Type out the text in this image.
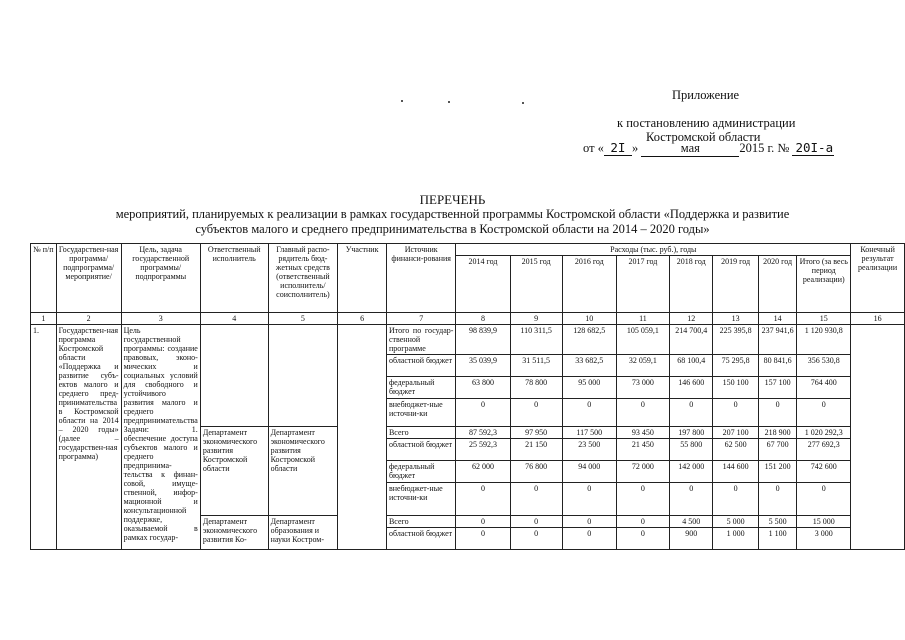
Приложение
к постановлению администрации
Костромской области
от « 2I »	мая	2015 г. № 20I-а
ПЕРЕЧЕНЬ
мероприятий, планируемых к реализации в рамках государственной программы Костромской области «Поддержка и развитие
субъектов малого и среднего предпринимательства в Костромской области на 2014 – 2020 годы»
№ п/п	Государствен-ная программа/ подпрограмма/ мероприятие/	Цель, задача государственной программы/ подпрограммы	Ответственный исполнитель	Главный распо-рядитель бюд-жетных средств (ответственный исполнитель/ соисполнитель)	Участник	Источник финанси-рования	Расходы (тыс. руб.), годы								Конечный результат реализации
							2014 год	2015 год	2016 год	2017 год	2018 год	2019 год	2020 год	Итого (за весь период реализации)	
1	2	3	4	5	6	7	8	9	10	11	12	13	14	15	16
1.	Государствен-ная программа Костромской области «Поддержка и развитие субъ-ектов малого и среднего пред-принимательства в Костромской области на 2014 – 2020 годы» (далее – государствен-ная программа)	Цель государственной программы: создание правовых, эконо-мических и социальных условий для свободного и устойчивого развития малого и среднего предпринимательства Задачи: 1. обеспечение доступа субъектов малого и среднего предпринима-тельства к финан-совой, имуще-ственной, инфор-мационной и консультационной поддержке, оказываемой в рамках государ-				Итого по государ-ственной программе	98 839,9	110 311,5	128 682,5	105 059,1	214 700,4	225 395,8	237 941,6	1 120 930,8	
						областной бюджет	35 039,9	31 511,5	33 682,5	32 059,1	68 100,4	75 295,8	80 841,6	356 530,8	
						федеральный бюджет	63 800	78 800	95 000	73 000	146 600	150 100	157 100	764 400	
						внебюджет-ные источни-ки	0	0	0	0	0	0	0	0	
			Департамент экономического развития Костромской области	Департамент экономического развития Костромской области		Всего	87 592,3	97 950	117 500	93 450	197 800	207 100	218 900	1 020 292,3	
						областной бюджет	25 592,3	21 150	23 500	21 450	55 800	62 500	67 700	277 692,3	
						федеральный бюджет	62 000	76 800	94 000	72 000	142 000	144 600	151 200	742 600	
						внебюджет-ные источни-ки	0	0	0	0	0	0	0	0	
			Департамент экономического развития Ко-	Департамент образования и науки Костром-		Всего	0	0	0	0	4 500	5 000	5 500	15 000	
						областной бюджет	0	0	0	0	900	1 000	1 100	3 000	
